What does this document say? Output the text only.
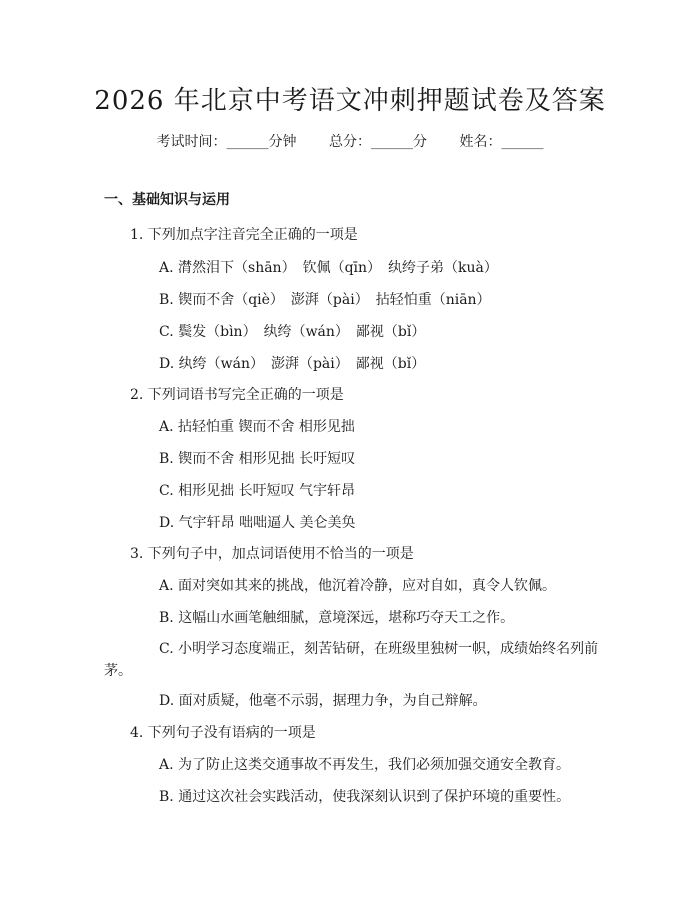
2026 年北京中考语文冲刺押题试卷及答案
考试时间：______分钟 总分：______分 姓名：______
一、基础知识与运用
1. 下列加点字注音完全正确的一项是
A. 潸然泪下（shān）　钦佩（qīn）　纨绔子弟（kuà）
B. 锲而不舍（qiè）　澎湃（pài）　拈轻怕重（niān）
C. 鬓发（bìn）　纨绔（wán）　鄙视（bǐ）
D. 纨绔（wán）　澎湃（pài）　鄙视（bǐ）
2. 下列词语书写完全正确的一项是
A. 拈轻怕重 锲而不舍 相形见拙
B. 锲而不舍 相形见拙 长吁短叹
C. 相形见拙 长吁短叹 气宇轩昂
D. 气宇轩昂 咄咄逼人 美仑美奂
3. 下列句子中，加点词语使用不恰当的一项是
A. 面对突如其来的挑战，他沉着冷静，应对自如，真令人钦佩。
B. 这幅山水画笔触细腻，意境深远，堪称巧夺天工之作。
C. 小明学习态度端正，刻苦钻研，在班级里独树一帜，成绩始终名列前
茅。
D. 面对质疑，他毫不示弱，据理力争，为自己辩解。
4. 下列句子没有语病的一项是
A. 为了防止这类交通事故不再发生，我们必须加强交通安全教育。
B. 通过这次社会实践活动，使我深刻认识到了保护环境的重要性。
